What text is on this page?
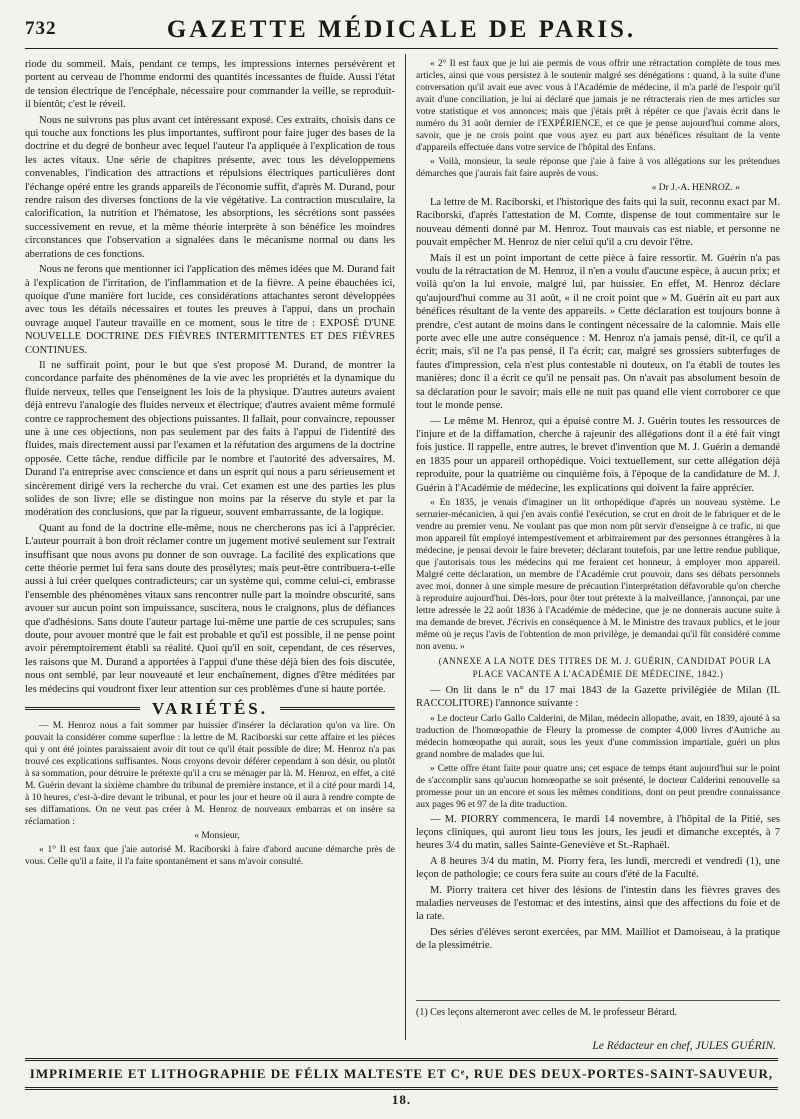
732	GAZETTE MÉDICALE DE PARIS.

riode du sommeil. Mais, pendant ce temps, les impressions internes persévèrent et portent au cerveau de l'homme endormi des quantités incessantes de fluide. Aussi l'état de tension électrique de l'encéphale, nécessaire pour commander la veille, se reproduit-il bientôt; c'est le réveil.

Nous ne suivrons pas plus avant cet intéressant exposé. Ces extraits, choisis dans ce qui touche aux fonctions les plus importantes, suffiront pour faire juger des bases de la doctrine et du degré de bonheur avec lequel l'auteur l'a appliquée à l'explication de tous les actes vitaux. Une série de chapitres présente, avec tous les développemens convenables, l'indication des attractions et répulsions électriques particulières dont l'échange opéré entre les grands appareils de l'économie suffit, d'après M. Durand, pour rendre raison des diverses fonctions de la vie végétative. La contraction musculaire, la calorification, la nutrition et l'hématose, les absorptions, les sécrétions sont passées successivement en revue, et la même théorie interprète à son bénéfice les moindres circonstances que l'observation a signalées dans le mécanisme normal ou dans les aberrations de ces fonctions.

Nous ne ferons que mentionner ici l'application des mêmes idées que M. Durand fait à l'explication de l'irritation, de l'inflammation et de la fièvre. A peine ébauchées ici, quoique d'une manière fort lucide, ces considérations attachantes seront développées avec tous les détails nécessaires et toutes les preuves à l'appui, dans un prochain ouvrage auquel l'auteur travaille en ce moment, sous le titre de : EXPOSÉ D'UNE NOUVELLE DOCTRINE DES FIÈVRES INTERMITTENTES ET DES FIÈVRES CONTINUES.

Il ne suffirait point, pour le but que s'est proposé M. Durand, de montrer la concordance parfaite des phénomènes de la vie avec les propriétés et la dynamique du fluide nerveux, telles que l'enseignent les lois de la physique. D'autres auteurs avaient déjà entrevu l'analogie des fluides nerveux et électrique; d'autres avaient même formulé contre ce rapprochement des objections puissantes. Il fallait, pour convaincre, repousser une à une ces objections, non pas seulement par des faits à l'appui de l'identité des fluides, mais directement aussi par l'examen et la réfutation des argumens de la doctrine opposée. Cette tâche, rendue difficile par le nombre et l'autorité des adversaires, M. Durand l'a entreprise avec conscience et dans un esprit qui nous a paru sérieusement et sincèrement dirigé vers la recherche du vrai. Cet examen est une des parties les plus solides de son livre; elle se distingue non moins par la réserve du style et par la modération des conclusions, que par la rigueur, souvent embarrassante, de la logique.

Quant au fond de la doctrine elle-même, nous ne chercherons pas ici à l'apprécier. L'auteur pourrait à bon droit réclamer contre un jugement motivé seulement sur l'extrait insuffisant que nous avons pu donner de son ouvrage. La facilité des explications que cette théorie permet lui fera sans doute des prosélytes; mais peut-être contribuera-t-elle aussi à lui créer quelques contradicteurs; car un système qui, comme celui-ci, embrasse l'ensemble des phénomènes vitaux sans rencontrer nulle part la moindre obscurité, sans avouer sur aucun point son impuissance, suscitera, nous le craignons, plus de défiances que d'adhésions. Sans doute l'auteur partage lui-même une partie de ces scrupules; sans doute, pour avouer montré que le fait est probable et qu'il est possible, il ne pense point avoir péremptoirement établi sa réalité. Quoi qu'il en soit, cependant, de ces réserves, les raisons que M. Durand a apportées à l'appui d'une thèse déjà bien des fois discutée, nous ont semblé, par leur nouveauté et leur enchaînement, dignes d'être méditées par les médecins qui voudront fixer leur attention sur ces problèmes d'une si haute portée.

VARIÉTÉS.

— M. Henroz nous a fait sommer par huissier d'insérer la déclaration qu'on va lire. On pouvait la considérer comme superflue : la lettre de M. Raciborski sur cette affaire et les pièces qui y ont été jointes paraissaient avoir dit tout ce qu'il était possible de dire; M. Henroz n'a pas trouvé ces explications suffisantes. Nous croyons devoir déférer cependant à son désir, ou plutôt à sa sommation, pour détruire le prétexte qu'il a cru se ménager par là. M. Henroz, en effet, a cité M. Guérin devant la sixième chambre du tribunal de première instance, et il a cité pour mardi 14, à 10 heures, c'est-à-dire devant le tribunal, et pour les jour et heure où il aura à rendre compte de ses diffamations. On ne veut pas créer à M. Henroz de nouveaux embarras et on insère sa réclamation :

« Monsieur,

« 1° Il est faux que j'aie autorisé M. Raciborski à faire d'abord aucune démarche près de vous. Celle qu'il a faite, il l'a faite spontanément et sans m'avoir consulté.

« 2° Il est faux que je lui aie permis de vous offrir une rétractation complète de tous mes articles, ainsi que vous persistez à le soutenir malgré ses dénégations : quand, à la suite d'une conversation qu'il avait eue avec vous à l'Académie de médecine, il m'a parlé de l'espoir qu'il avait d'une conciliation, je lui ai déclaré que jamais je ne rétracterais rien de mes articles sur votre statistique et vos annonces; mais que j'étais prêt à répéter ce que j'avais écrit dans le numéro du 31 août dernier de l'EXPÉRIENCE, et ce que je pense aujourd'hui comme alors, savoir, que je ne crois point que vous ayez eu part aux bénéfices résultant de la vente d'appareils effectuée dans votre service de l'hôpital des Enfans.

« Voilà, monsieur, la seule réponse que j'aie à faire à vos allégations sur les prétendues démarches que j'aurais fait faire auprès de vous.

« Dr J.-A. HENROZ. »

La lettre de M. Raciborski, et l'historique des faits qui la suit, reconnu exact par M. Raciborski, d'après l'attestation de M. Comte, dispense de tout commentaire sur le nouveau démenti donné par M. Henroz. Tout mauvais cas est niable, et personne ne pouvait empêcher M. Henroz de nier celui qu'il a cru devoir l'être.

Mais il est un point important de cette pièce à faire ressortir. M. Guérin n'a pas voulu de la rétractation de M. Henroz, il n'en a voulu d'aucune espèce, à aucun prix; et voilà qu'on la lui envoie, malgré lui, par huissier. En effet, M. Henroz déclare qu'aujourd'hui comme au 31 août, « il ne croit point que » M. Guérin ait eu part aux bénéfices résultant de la vente des appareils. » Cette déclaration est toujours bonne à prendre, c'est autant de moins dans le contingent nécessaire de la calomnie. Mais elle porte avec elle une autre conséquence : M. Henroz n'a jamais pensé, dit-il, ce qu'il a écrit; mais, s'il ne l'a pas pensé, il l'a écrit; car, malgré ses grossiers subterfuges de fautes d'impression, cela n'est plus contestable ni douteux, on l'a établi de toutes les manières; donc il a écrit ce qu'il ne pensait pas. On n'avait pas absolument besoin de sa déclaration pour le savoir; mais elle ne nuit pas quand elle vient corroborer ce que tout le monde pense.

— Le même M. Henroz, qui a épuisé contre M. J. Guérin toutes les ressources de l'injure et de la diffamation, cherche à rajeunir des allégations dont il a été fait vingt fois justice. Il rappelle, entre autres, le brevet d'invention que M. J. Guérin a demandé en 1835 pour un appareil orthopédique. Voici textuellement, sur cette allégation déjà reproduite, pour la quatrième ou cinquième fois, à l'époque de la candidature de M. J. Guérin à l'Académie de médecine, les explications qui doivent la faire apprécier.

« En 1835, je venais d'imaginer un lit orthopédique d'après un nouveau système. Le serrurier-mécanicien, à qui j'en avais confié l'exécution, se crut en droit de le fabriquer et de le vendre au premier venu. Ne voulant pas que mon nom pût servir d'enseigne à ce trafic, ni que mon appareil fût employé intempestivement et arbitrairement par des personnes étrangères à la médecine, je pensai devoir le faire breveter; déclarant toutefois, par une lettre rendue publique, que j'autorisais tous les médecins qui me feraient cet honneur, à employer mon appareil. Malgré cette déclaration, un membre de l'Académie crut pouvoir, dans ses débats personnels avec moi, donner à une simple mesure de précaution l'interprétation défavorable qu'on cherche à reproduire aujourd'hui. Dès-lors, pour ôter tout prétexte à la malveillance, j'annonçai, par une lettre adressée le 22 août 1836 à l'Académie de médecine, que je ne donnerais aucune suite à ma demande de brevet. J'écrivis en conséquence à M. le Ministre des travaux publics, et le jour même où je reçus l'avis de l'obtention de mon privilège, je demandai qu'il fût considéré comme non avenu. »

(ANNEXE A LA NOTE DES TITRES DE M. J. GUÉRIN, CANDIDAT POUR LA PLACE VACANTE A L'ACADÉMIE DE MÉDECINE, 1842.)

— On lit dans le n° du 17 mai 1843 de la Gazette privilégiée de Milan (IL RACCOLITORE) l'annonce suivante :

« Le docteur Carlo Gallo Calderini, de Milan, médecin allopathe, avait, en 1839, ajouté à sa traduction de l'homœopathie de Fleury la promesse de compter 4,000 livres d'Autriche au médecin homœopathe qui aurait, sous les yeux d'une commission impartiale, guéri un plus grand nombre de malades que lui.

» Cette offre étant faite pour quatre ans; cet espace de temps étant aujourd'hui sur le point de s'accomplir sans qu'aucun homœopathe se soit présenté, le docteur Calderini renouvelle sa promesse pour un an encore et sous les mêmes conditions, dont on peut prendre connaissance aux pages 96 et 97 de la dite traduction.

— M. PIORRY commencera, le mardi 14 novembre, à l'hôpital de la Pitié, ses leçons cliniques, qui auront lieu tous les jours, les jeudi et dimanche exceptés, à 7 heures 3/4 du matin, salles Sainte-Geneviève et St.-Raphaël.

A 8 heures 3/4 du matin, M. Piorry fera, les lundi, mercredi et vendredi (1), une leçon de pathologie; ce cours fera suite au cours d'été de la Faculté.

M. Piorry traitera cet hiver des lésions de l'intestin dans les fièvres graves des maladies nerveuses de l'estomac et des intestins, ainsi que des affections du foie et de la rate.

Des séries d'élèves seront exercées, par MM. Mailliot et Damoiseau, à la pratique de la plessimétrie.

(1) Ces leçons alterneront avec celles de M. le professeur Bérard.
Le Rédacteur en chef, JULES GUÉRIN.
IMPRIMERIE ET LITHOGRAPHIE DE FÉLIX MALTESTE ET Cᵉ, RUE DES DEUX-PORTES-SAINT-SAUVEUR, 18.
